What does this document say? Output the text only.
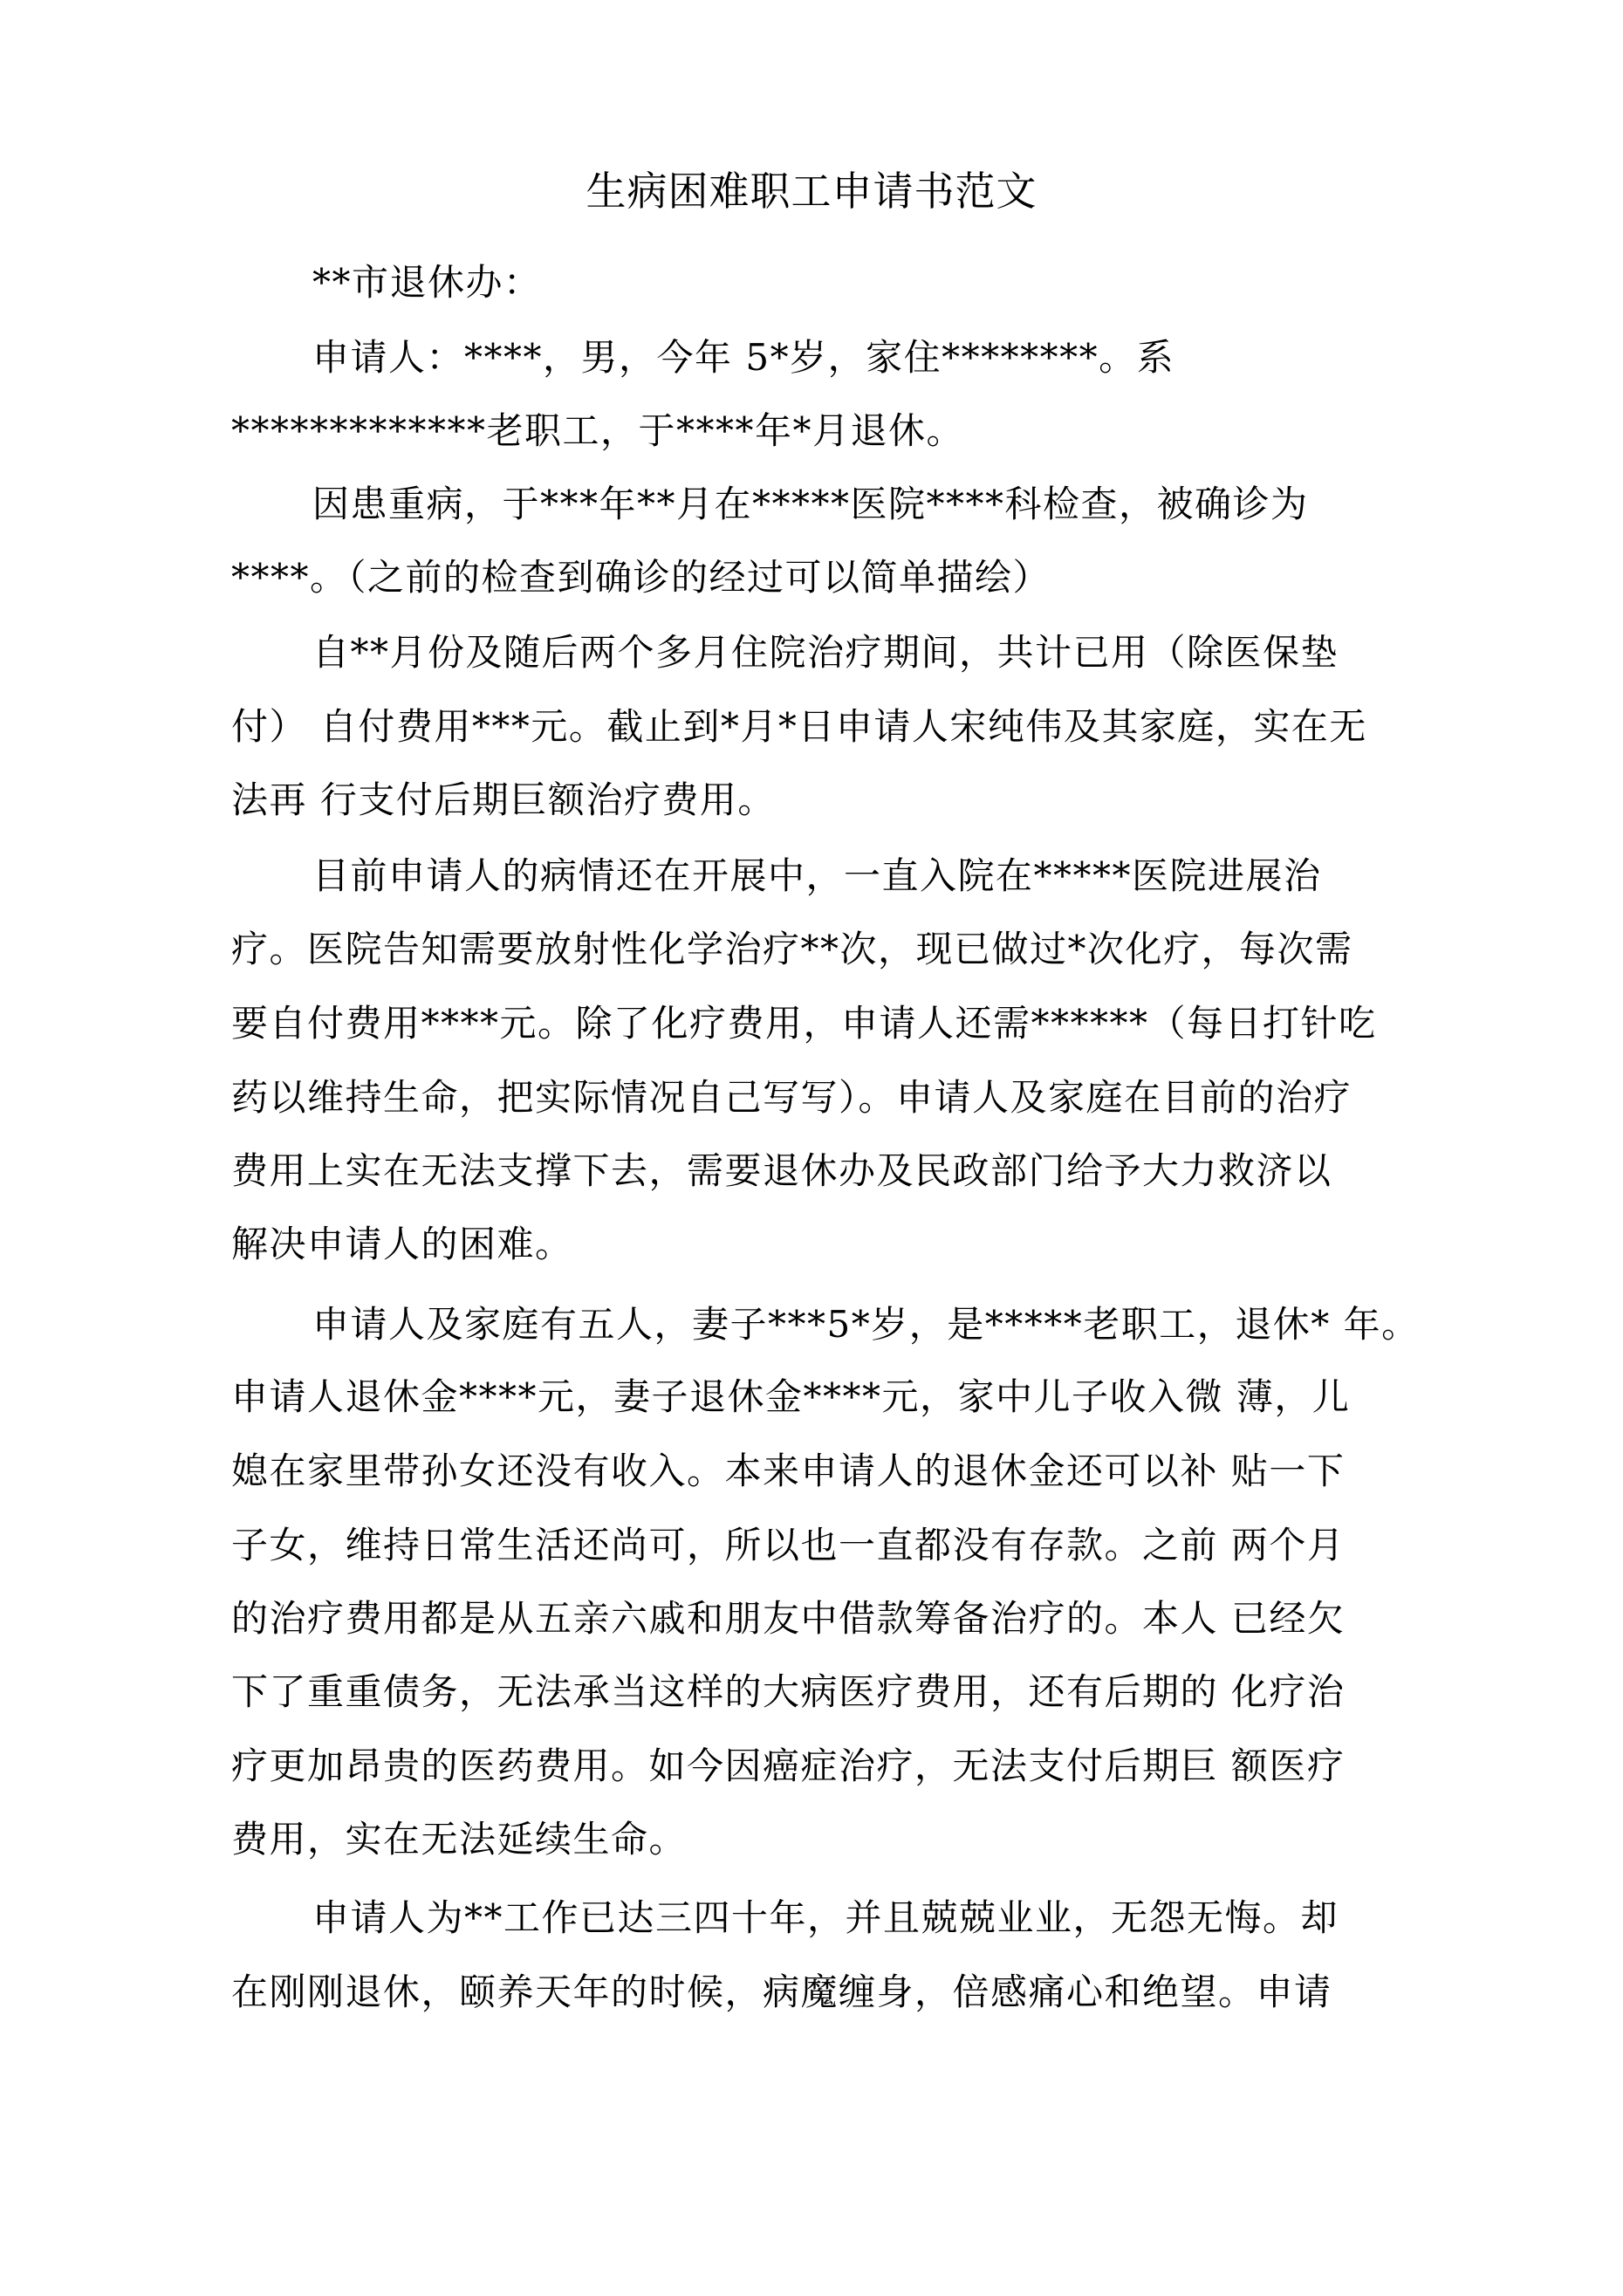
生病困难职工申请书范文
**市退休办：
申请人：****，男，今年 5*岁，家住********。系
*************老职工，于****年*月退休。
因患重病，于***年**月在*****医院****科检查，被确诊为
****。（之前的检查到确诊的经过可以简单描绘）
自**月份及随后两个多月住院治疗期间，共计已用（除医保垫
付） 自付费用***元。截止到*月*日申请人宋纯伟及其家庭，实在无
法再 行支付后期巨额治疗费用。
目前申请人的病情还在开展中，一直入院在*****医院进展治
疗。医院告知需要放射性化学治疗**次，现已做过*次化疗，每次需
要自付费用****元。除了化疗费用，申请人还需******（每日打针吃
药以维持生命，把实际情况自己写写）。申请人及家庭在目前的治疗
费用上实在无法支撑下去，需要退休办及民政部门给予大力救济以
解决申请人的困难。
申请人及家庭有五人，妻子***5*岁，是*****老职工，退休* 年。
申请人退休金****元，妻子退休金****元，家中儿子收入微 薄，儿
媳在家里带孙女还没有收入。本来申请人的退休金还可以补 贴一下
子女，维持日常生活还尚可，所以也一直都没有存款。之前 两个月
的治疗费用都是从五亲六戚和朋友中借款筹备治疗的。本人 已经欠
下了重重债务，无法承当这样的大病医疗费用，还有后期的 化疗治
疗更加昂贵的医药费用。如今因癌症治疗，无法支付后期巨 额医疗
费用，实在无法延续生命。
申请人为**工作已达三四十年，并且兢兢业业，无怨无悔。却
在刚刚退休，颐养天年的时候，病魔缠身，倍感痛心和绝望。申请
